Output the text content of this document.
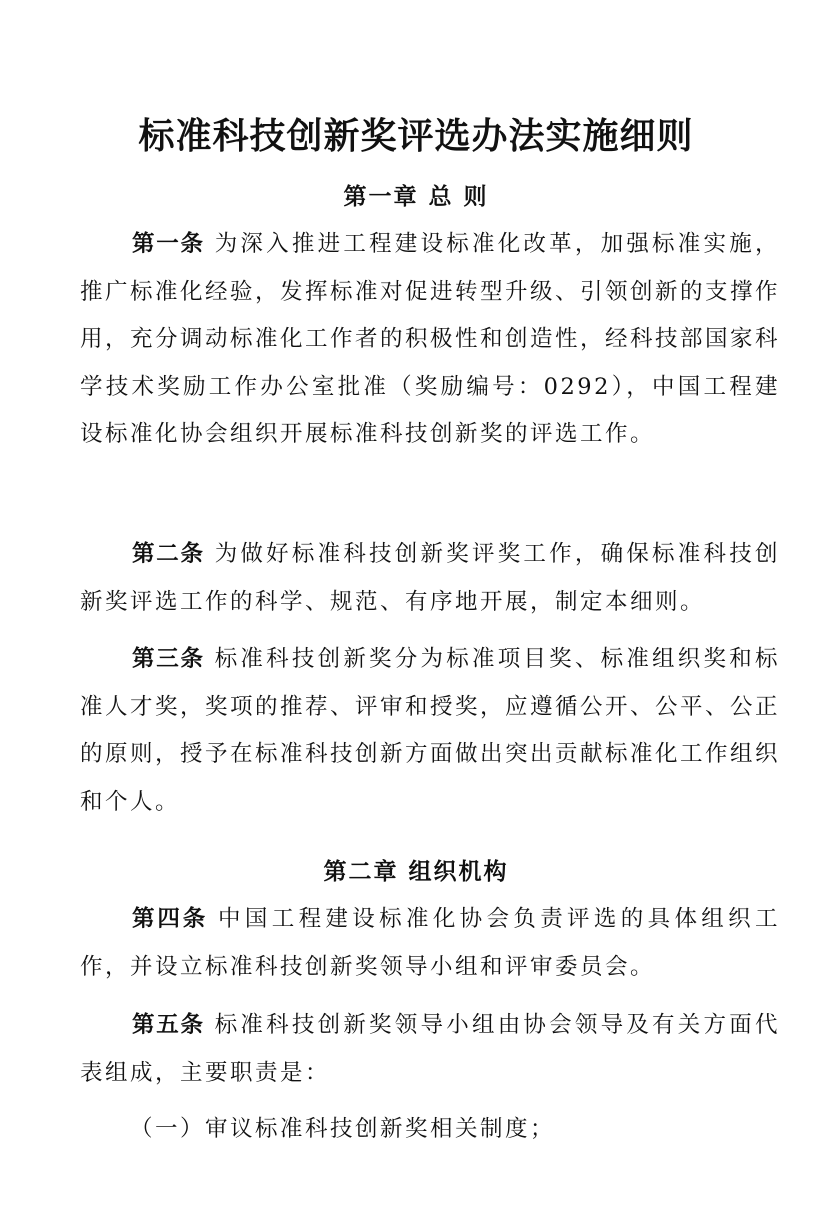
标准科技创新奖评选办法实施细则
第一章 总 则

第一条 为深入推进工程建设标准化改革，加强标准实施，推广标准化经验，发挥标准对促进转型升级、引领创新的支撑作用，充分调动标准化工作者的积极性和创造性，经科技部国家科学技术奖励工作办公室批准（奖励编号：0292），中国工程建设标准化协会组织开展标准科技创新奖的评选工作。

第二条 为做好标准科技创新奖评奖工作，确保标准科技创新奖评选工作的科学、规范、有序地开展，制定本细则。

第三条 标准科技创新奖分为标准项目奖、标准组织奖和标准人才奖，奖项的推荐、评审和授奖，应遵循公开、公平、公正的原则，授予在标准科技创新方面做出突出贡献标准化工作组织和个人。

第二章 组织机构

第四条 中国工程建设标准化协会负责评选的具体组织工作，并设立标准科技创新奖领导小组和评审委员会。

第五条 标准科技创新奖领导小组由协会领导及有关方面代表组成，主要职责是：

（一）审议标准科技创新奖相关制度；
